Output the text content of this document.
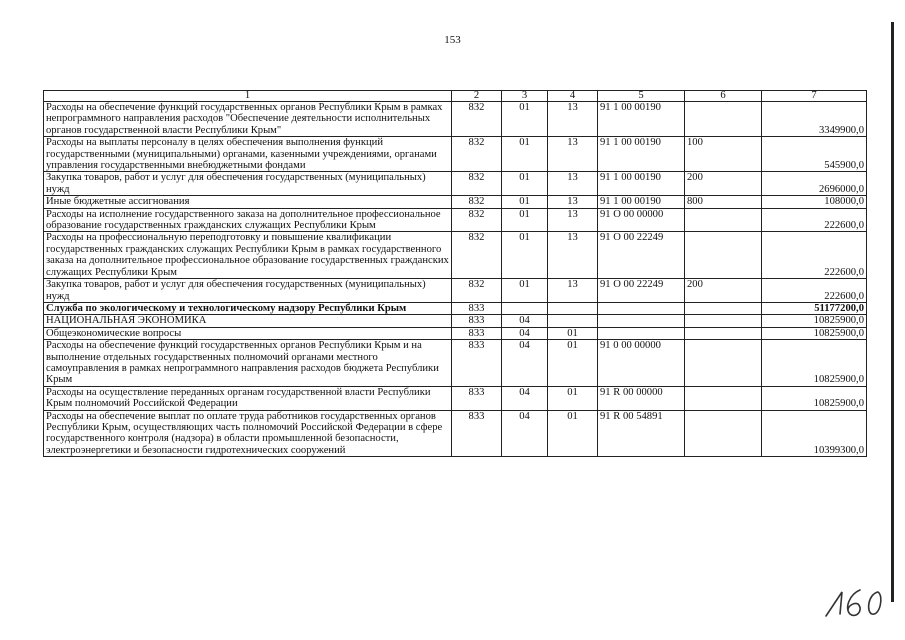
153
1	2	3	4	5	6	7
Расходы на обеспечение функций государственных органов Республики Крым в рамках непрограммного направления расходов "Обеспечение деятельности исполнительных органов государственной власти Республики Крым"	832	01	13	91 1 00 00190		3349900,0
Расходы на выплаты персоналу в целях обеспечения выполнения функций государственными (муниципальными) органами, казенными учреждениями, органами управления государственными внебюджетными фондами	832	01	13	91 1 00 00190	100	545900,0
Закупка товаров, работ и услуг для обеспечения государственных (муниципальных) нужд	832	01	13	91 1 00 00190	200	2696000,0
Иные бюджетные ассигнования	832	01	13	91 1 00 00190	800	108000,0
Расходы на исполнение государственного заказа на дополнительное профессиональное образование государственных гражданских служащих Республики Крым	832	01	13	91 О 00 00000		222600,0
Расходы на профессиональную переподготовку и повышение квалификации государственных гражданских служащих Республики Крым в рамках государственного заказа на дополнительное профессиональное образование государственных гражданских служащих Республики Крым	832	01	13	91 О 00 22249		222600,0
Закупка товаров, работ и услуг для обеспечения государственных (муниципальных) нужд	832	01	13	91 О 00 22249	200	222600,0
Служба по экологическому и технологическому надзору Республики Крым	833					51177200,0
НАЦИОНАЛЬНАЯ ЭКОНОМИКА	833	04				10825900,0
Общеэкономические вопросы	833	04	01			10825900,0
Расходы на обеспечение функций государственных органов Республики Крым и на выполнение отдельных государственных полномочий органами местного самоуправления в рамках непрограммного направления расходов бюджета Республики Крым	833	04	01	91 0 00 00000		10825900,0
Расходы на осуществление переданных органам государственной власти Республики Крым полномочий Российской Федерации	833	04	01	91 R 00 00000		10825900,0
Расходы на обеспечение выплат по оплате труда работников государственных органов Республики Крым, осуществляющих часть полномочий Российской Федерации в сфере государственного контроля (надзора) в области промышленной безопасности, электроэнергетики и безопасности гидротехнических сооружений	833	04	01	91 R 00 54891		10399300,0
